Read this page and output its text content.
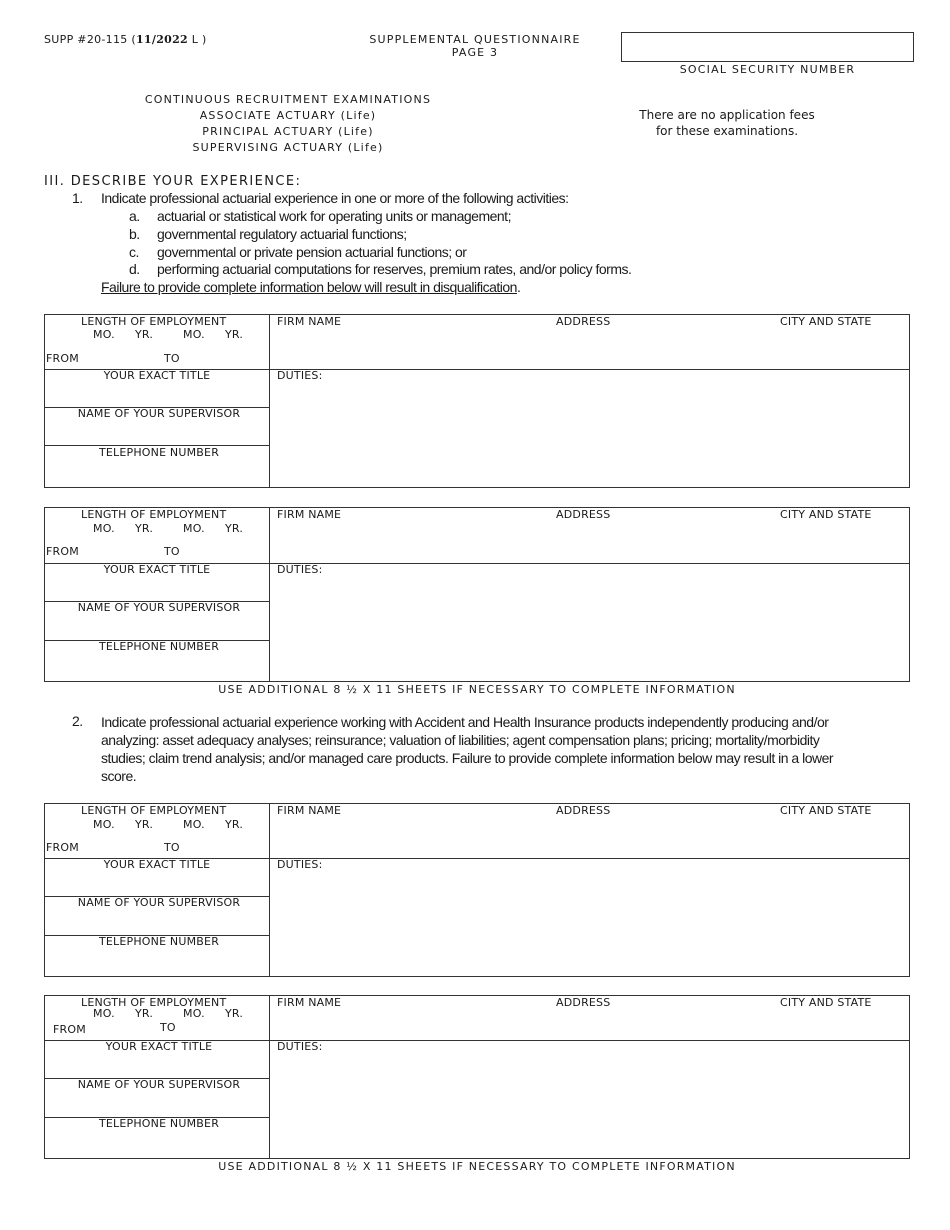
SUPP #20-115 (11/2022 L )	SUPPLEMENTAL QUESTIONNAIRE
PAGE 3
SOCIAL SECURITY NUMBER
CONTINUOUS RECRUITMENT EXAMINATIONS
ASSOCIATE ACTUARY (Life)
PRINCIPAL ACTUARY (Life)
SUPERVISING ACTUARY (Life)
There are no application fees
for these examinations.
III. DESCRIBE YOUR EXPERIENCE:
1. Indicate professional actuarial experience in one or more of the following activities:
a. actuarial or statistical work for operating units or management;
b. governmental regulatory actuarial functions;
c. governmental or private pension actuarial functions; or
d. performing actuarial computations for reserves, premium rates, and/or policy forms.
Failure to provide complete information below will result in disqualification.
LENGTH OF EMPLOYMENT
MO. YR.	MO. YR.
FROM	TO
FIRM NAME	ADDRESS	CITY AND STATE
YOUR EXACT TITLE
NAME OF YOUR SUPERVISOR
TELEPHONE NUMBER
DUTIES:
LENGTH OF EMPLOYMENT
MO. YR.	MO. YR.
FROM	TO
FIRM NAME	ADDRESS	CITY AND STATE
YOUR EXACT TITLE
NAME OF YOUR SUPERVISOR
TELEPHONE NUMBER
DUTIES:
USE ADDITIONAL 8 ½ X 11 SHEETS IF NECESSARY TO COMPLETE INFORMATION
2. Indicate professional actuarial experience working with Accident and Health Insurance products independently producing and/or
analyzing: asset adequacy analyses; reinsurance; valuation of liabilities; agent compensation plans; pricing; mortality/morbidity
studies; claim trend analysis; and/or managed care products. Failure to provide complete information below may result in a lower
score.
LENGTH OF EMPLOYMENT
MO. YR.	MO. YR.
FROM	TO
FIRM NAME	ADDRESS	CITY AND STATE
YOUR EXACT TITLE
NAME OF YOUR SUPERVISOR
TELEPHONE NUMBER
DUTIES:
LENGTH OF EMPLOYMENT
MO. YR.	MO. YR.
FROM	TO
FIRM NAME	ADDRESS	CITY AND STATE
YOUR EXACT TITLE
NAME OF YOUR SUPERVISOR
TELEPHONE NUMBER
DUTIES:
USE ADDITIONAL 8 ½ X 11 SHEETS IF NECESSARY TO COMPLETE INFORMATION
